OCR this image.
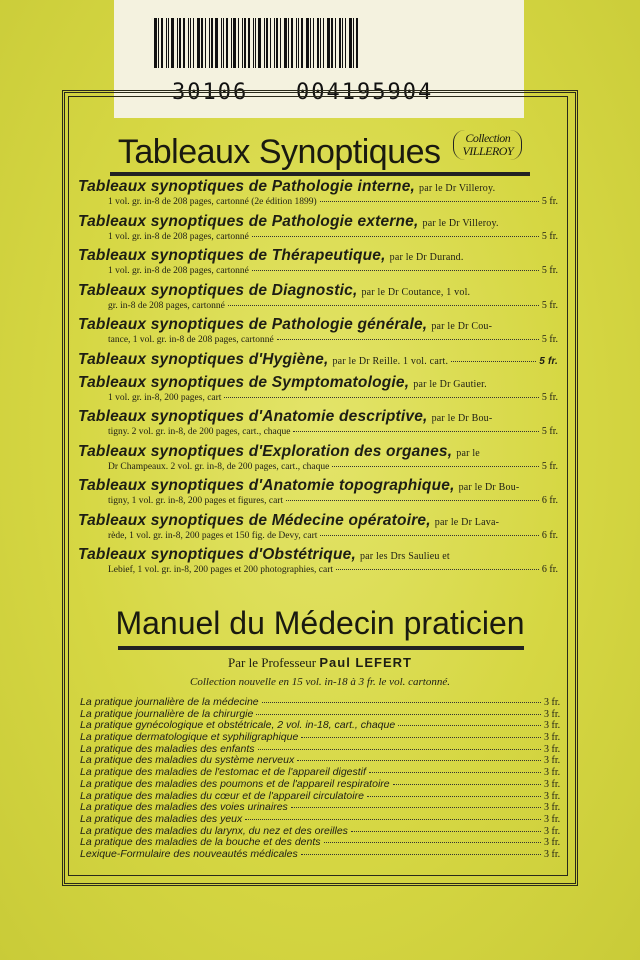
30106 004195904
Tableaux Synoptiques Collection
VILLEROY
Tableaux synoptiques de Pathologie interne, par le Dr Villeroy.
1 vol. gr. in-8 de 208 pages, cartonné (2e édition 1899)	5 fr.
Tableaux synoptiques de Pathologie externe, par le Dr Villeroy.
1 vol. gr. in-8 de 208 pages, cartonné	5 fr.
Tableaux synoptiques de Thérapeutique, par le Dr Durand.
1 vol. gr. in-8 de 208 pages, cartonné	5 fr.
Tableaux synoptiques de Diagnostic, par le Dr Coutance, 1 vol.
gr. in-8 de 208 pages, cartonné	5 fr.
Tableaux synoptiques de Pathologie générale, par le Dr Cou-
tance, 1 vol. gr. in-8 de 208 pages, cartonné	5 fr.
Tableaux synoptiques d'Hygiène, par le Dr Reille. 1 vol. cart.	5 fr.
Tableaux synoptiques de Symptomatologie, par le Dr Gautier.
1 vol. gr. in-8, 200 pages, cart	5 fr.
Tableaux synoptiques d'Anatomie descriptive, par le Dr Bou-
tigny. 2 vol. gr. in-8, de 200 pages, cart., chaque	5 fr.
Tableaux synoptiques d'Exploration des organes, par le
Dr Champeaux. 2 vol. gr. in-8, de 200 pages, cart., chaque	5 fr.
Tableaux synoptiques d'Anatomie topographique, par le Dr Bou-
tigny, 1 vol. gr. in-8, 200 pages et figures, cart	6 fr.
Tableaux synoptiques de Médecine opératoire, par le Dr Lava-
rède, 1 vol. gr. in-8, 200 pages et 150 fig. de Devy, cart	6 fr.
Tableaux synoptiques d'Obstétrique, par les Drs Saulieu et
Lebief, 1 vol. gr. in-8, 200 pages et 200 photographies, cart	6 fr.
Manuel du Médecin praticien
Par le Professeur Paul LEFERT
Collection nouvelle en 15 vol. in-18 à 3 fr. le vol. cartonné.
La pratique journalière de la médecine	3 fr.
La pratique journalière de la chirurgie	3 fr.
La pratique gynécologique et obstétricale, 2 vol. in-18, cart., chaque	3 fr.
La pratique dermatologique et syphiligraphique	3 fr.
La pratique des maladies des enfants	3 fr.
La pratique des maladies du système nerveux	3 fr.
La pratique des maladies de l'estomac et de l'appareil digestif	3 fr.
La pratique des maladies des poumons et de l'appareil respiratoire	3 fr.
La pratique des maladies du cœur et de l'appareil circulatoire	3 fr.
La pratique des maladies des voies urinaires	3 fr.
La pratique des maladies des yeux	3 fr.
La pratique des maladies du larynx, du nez et des oreilles	3 fr.
La pratique des maladies de la bouche et des dents	3 fr.
Lexique-Formulaire des nouveautés médicales	3 fr.
